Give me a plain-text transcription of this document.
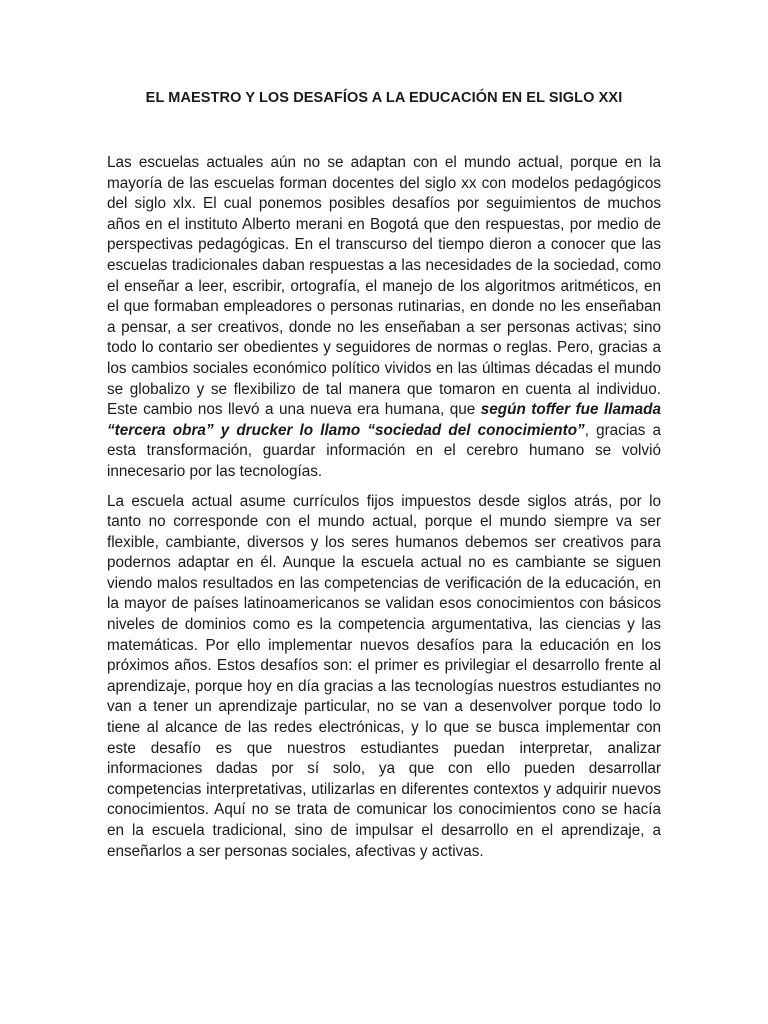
EL MAESTRO Y LOS DESAFÍOS A LA EDUCACIÓN EN EL SIGLO XXI

Las escuelas actuales aún no se adaptan con el mundo actual, porque en la mayoría de las escuelas forman docentes del siglo xx con modelos pedagógicos del siglo xlx. El cual ponemos posibles desafíos por seguimientos de muchos años en el instituto Alberto merani en Bogotá que den respuestas, por medio de perspectivas pedagógicas. En el transcurso del tiempo dieron a conocer que las escuelas tradicionales daban respuestas a las necesidades de la sociedad, como el enseñar a leer, escribir, ortografía, el manejo de los algoritmos aritméticos, en el que formaban empleadores o personas rutinarias, en donde no les enseñaban a pensar, a ser creativos, donde no les enseñaban a ser personas activas; sino todo lo contario ser obedientes y seguidores de normas o reglas. Pero, gracias a los cambios sociales económico político vividos en las últimas décadas el mundo se globalizo y se flexibilizo de tal manera que tomaron en cuenta al individuo. Este cambio nos llevó a una nueva era humana, que según toffer fue llamada “tercera obra” y drucker lo llamo “sociedad del conocimiento”, gracias a esta transformación, guardar información en el cerebro humano se volvió innecesario por las tecnologías.

La escuela actual asume currículos fijos impuestos desde siglos atrás, por lo tanto no corresponde con el mundo actual, porque el mundo siempre va ser flexible, cambiante, diversos y los seres humanos debemos ser creativos para podernos adaptar en él. Aunque la escuela actual no es cambiante se siguen viendo malos resultados en las competencias de verificación de la educación, en la mayor de países latinoamericanos se validan esos conocimientos con básicos niveles de dominios como es la competencia argumentativa, las ciencias y las matemáticas. Por ello implementar nuevos desafíos para la educación en los próximos años. Estos desafíos son: el primer es privilegiar el desarrollo frente al aprendizaje, porque hoy en día gracias a las tecnologías nuestros estudiantes no van a tener un aprendizaje particular, no se van a desenvolver porque todo lo tiene al alcance de las redes electrónicas, y lo que se busca implementar con este desafío es que nuestros estudiantes puedan interpretar, analizar informaciones dadas por sí solo, ya que con ello pueden desarrollar competencias interpretativas, utilizarlas en diferentes contextos y adquirir nuevos conocimientos. Aquí no se trata de comunicar los conocimientos cono se hacía en la escuela tradicional, sino de impulsar el desarrollo en el aprendizaje, a enseñarlos a ser personas sociales, afectivas y activas.
